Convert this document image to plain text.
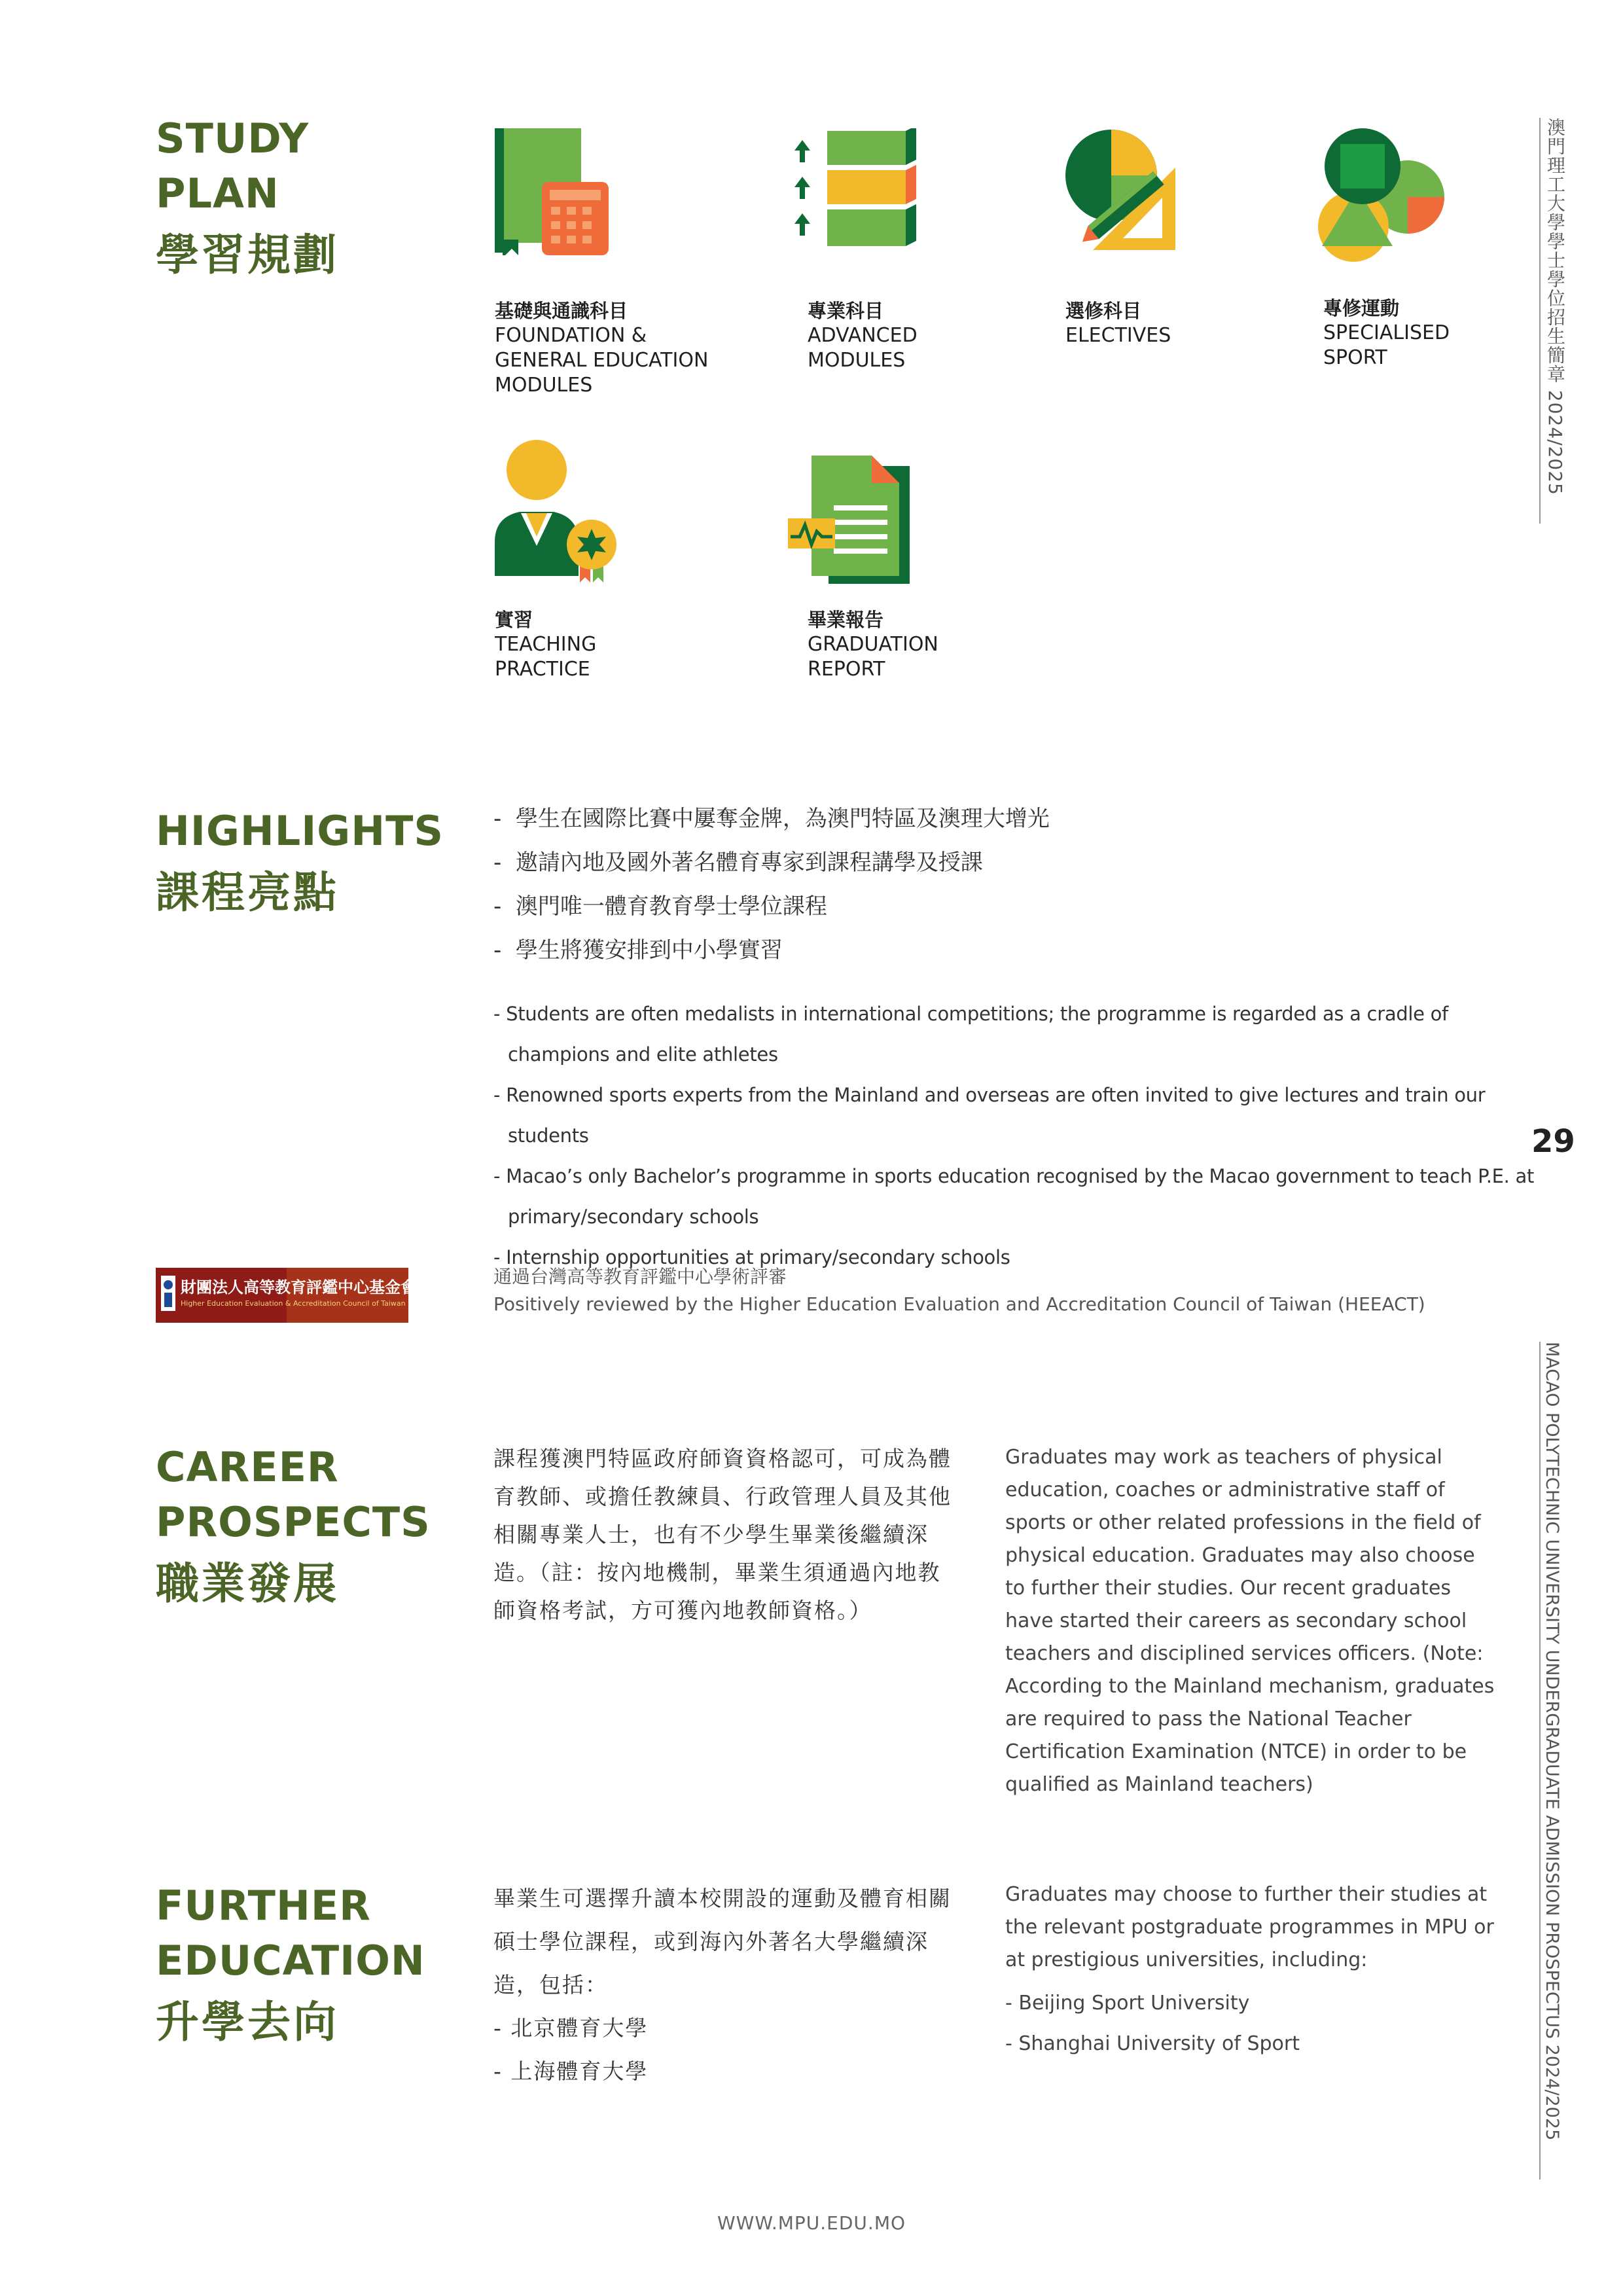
STUDY
PLAN
學習規劃
基礎與通識科目
FOUNDATION &
GENERAL EDUCATION
MODULES
專業科目
ADVANCED
MODULES
選修科目
ELECTIVES
專修運動
SPECIALISED
SPORT
實習
TEACHING
PRACTICE
畢業報告
GRADUATION
REPORT
HIGHLIGHTS
課程亮點
-  學生在國際比賽中屢奪金牌，為澳門特區及澳理大增光
-  邀請內地及國外著名體育專家到課程講學及授課
-  澳門唯一體育教育學士學位課程
-  學生將獲安排到中小學實習
- Students are often medalists in international competitions; the programme is regarded as a cradle of champions and elite athletes
- Renowned sports experts from the Mainland and overseas are often invited to give lectures and train our students
- Macao’s only Bachelor’s programme in sports education recognised by the Macao government to teach P.E. at primary/secondary schools
- Internship opportunities at primary/secondary schools
29
財團法人高等教育評鑑中心基金會
Higher Education Evaluation & Accreditation Council of Taiwan
通過台灣高等教育評鑑中心學術評審
Positively reviewed by the Higher Education Evaluation and Accreditation Council of Taiwan (HEEACT)
CAREER
PROSPECTS
職業發展
課程獲澳門特區政府師資資格認可，可成為體育教師、或擔任教練員、行政管理人員及其他相關專業人士，也有不少學生畢業後繼續深造。（註：按內地機制，畢業生須通過內地教師資格考試，方可獲內地教師資格。）
Graduates may work as teachers of physical education, coaches or administrative staff of sports or other related professions in the field of physical education. Graduates may also choose to further their studies. Our recent graduates have started their careers as secondary school teachers and disciplined services officers. (Note: According to the Mainland mechanism, graduates are required to pass the National Teacher Certification Examination (NTCE) in order to be qualified as Mainland teachers)
FURTHER
EDUCATION
升學去向
畢業生可選擇升讀本校開設的運動及體育相關碩士學位課程，或到海內外著名大學繼續深造，包括：
- 北京體育大學
- 上海體育大學
Graduates may choose to further their studies at the relevant postgraduate programmes in MPU or at prestigious universities, including:
- Beijing Sport University
- Shanghai University of Sport
澳門理工大學學士學位招生簡章 2024/2025
MACAO POLYTECHNIC UNIVERSITY UNDERGRADUATE ADMISSION PROSPECTUS 2024/2025
WWW.MPU.EDU.MO
